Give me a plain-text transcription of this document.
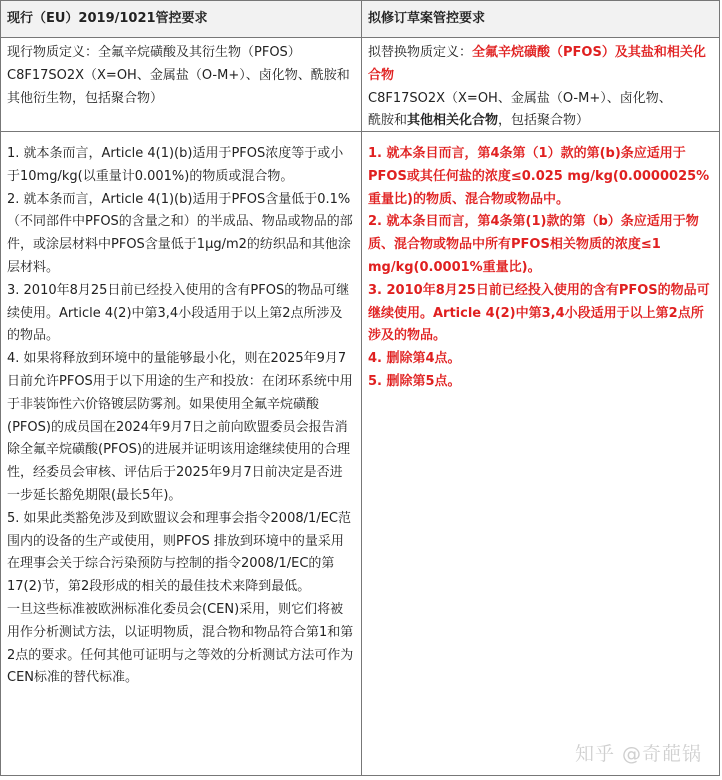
现行（EU）2019/1021管控要求	拟修订草案管控要求
现行物质定义：全氟辛烷磺酸及其衍生物（PFOS）C8F17SO2X（X=OH、金属盐（O-M+）、卤化物、酰胺和其他衍生物，包括聚合物）
拟替换物质定义：全氟辛烷磺酸（PFOS）及其盐和相关化合物
C8F17SO2X（X=OH、金属盐（O-M+）、卤化物、
酰胺和其他相关化合物，包括聚合物）
1. 就本条而言，Article 4(1)(b)适用于PFOS浓度等于或小于10mg/kg(以重量计0.001%)的物质或混合物。
2. 就本条而言，Article 4(1)(b)适用于PFOS含量低于0.1%（不同部件中PFOS的含量之和）的半成品、物品或物品的部件，或涂层材料中PFOS含量低于1μg/m2的纺织品和其他涂层材料。
3. 2010年8月25日前已经投入使用的含有PFOS的物品可继续使用。Article 4(2)中第3,4小段适用于以上第2点所涉及的物品。
4. 如果将释放到环境中的量能够最小化，则在2025年9月7日前允许PFOS用于以下用途的生产和投放：在闭环系统中用于非装饰性六价铬镀层防雾剂。如果使用全氟辛烷磺酸(PFOS)的成员国在2024年9月7日之前向欧盟委员会报告消除全氟辛烷磺酸(PFOS)的进展并证明该用途继续使用的合理性，经委员会审核、评估后于2025年9月7日前决定是否进一步延长豁免期限(最长5年)。
5. 如果此类豁免涉及到欧盟议会和理事会指令2008/1/EC范围内的设备的生产或使用，则PFOS 排放到环境中的量采用在理事会关于综合污染预防与控制的指令2008/1/EC的第17(2)节，第2段形成的相关的最佳技术来降到最低。
一旦这些标准被欧洲标准化委员会(CEN)采用，则它们将被用作分析测试方法，以证明物质，混合物和物品符合第1和第2点的要求。任何其他可证明与之等效的分析测试方法可作为CEN标准的替代标准。
1. 就本条目而言，第4条第（1）款的第(b)条应适用于PFOS或其任何盐的浓度≤0.025 mg/kg(0.0000025%重量比)的物质、混合物或物品中。
2. 就本条目而言，第4条第(1)款的第（b）条应适用于物质、混合物或物品中所有PFOS相关物质的浓度≤1 mg/kg(0.0001%重量比)。
3. 2010年8月25日前已经投入使用的含有PFOS的物品可继续使用。Article 4(2)中第3,4小段适用于以上第2点所涉及的物品。
4. 删除第4点。
5. 删除第5点。
知乎 @奇葩锅
